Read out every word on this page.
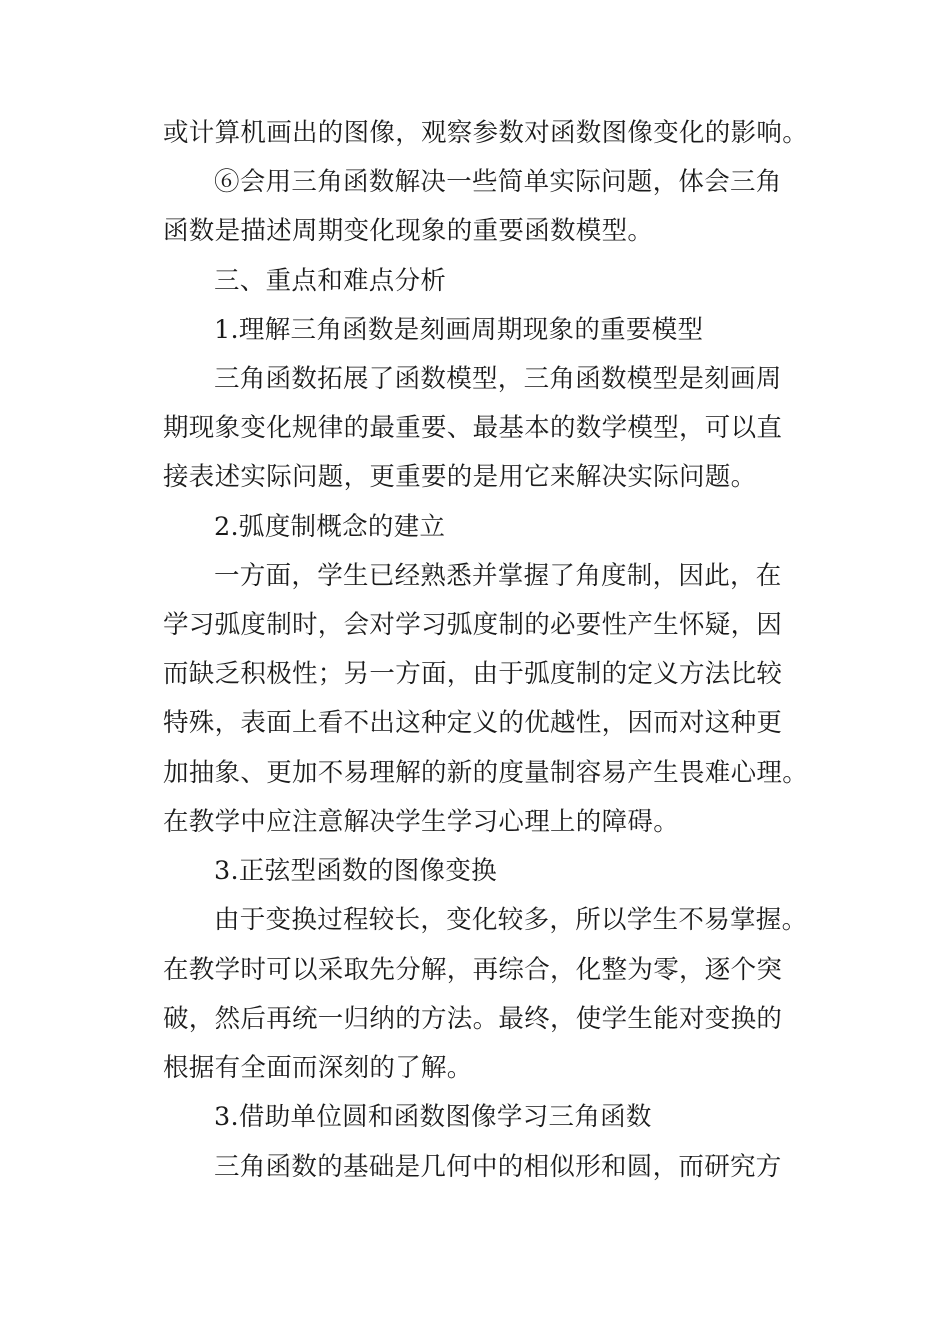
或计算机画出的图像，观察参数对函数图像变化的影响。
⑥会用三角函数解决一些简单实际问题，体会三角
函数是描述周期变化现象的重要函数模型。
三、重点和难点分析
1.理解三角函数是刻画周期现象的重要模型
三角函数拓展了函数模型，三角函数模型是刻画周
期现象变化规律的最重要、最基本的数学模型，可以直
接表述实际问题，更重要的是用它来解决实际问题。
2.弧度制概念的建立
一方面，学生已经熟悉并掌握了角度制，因此，在
学习弧度制时，会对学习弧度制的必要性产生怀疑，因
而缺乏积极性；另一方面，由于弧度制的定义方法比较
特殊，表面上看不出这种定义的优越性，因而对这种更
加抽象、更加不易理解的新的度量制容易产生畏难心理。
在教学中应注意解决学生学习心理上的障碍。
3.正弦型函数的图像变换
由于变换过程较长，变化较多，所以学生不易掌握。
在教学时可以采取先分解，再综合，化整为零，逐个突
破，然后再统一归纳的方法。最终，使学生能对变换的
根据有全面而深刻的了解。
3.借助单位圆和函数图像学习三角函数
三角函数的基础是几何中的相似形和圆，而研究方
